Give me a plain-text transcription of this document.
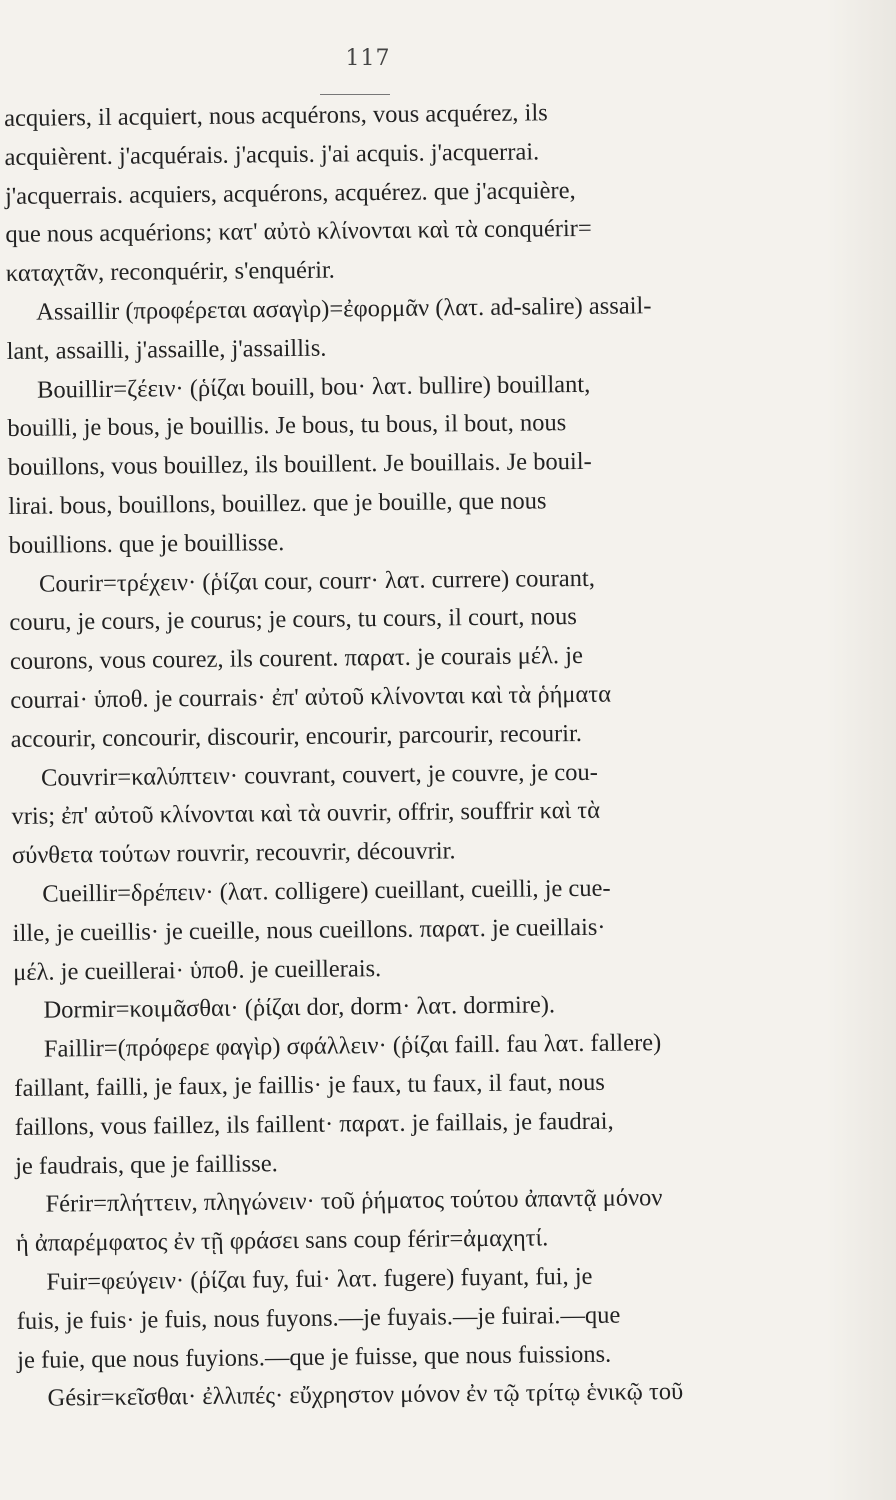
117
acquiers, il acquiert, nous acquérons, vous acquérez, ils
acquièrent. j'acquérais. j'acquis. j'ai acquis. j'acquerrai.
j'acquerrais. acquiers, acquérons, acquérez. que j'acquière,
que nous acquérions; κατ' αὐτὸ κλίνονται καὶ τὰ conquérir=
καταχτᾶν, reconquérir, s'enquérir.
Assaillir (προφέρεται ασαγὶρ)=ἐφορμᾶν (λατ. ad-salire) assail-
lant, assailli, j'assaille, j'assaillis.
Bouillir=ζέειν· (ῥίζαι bouill, bou· λατ. bullire) bouillant,
bouilli, je bous, je bouillis. Je bous, tu bous, il bout, nous
bouillons, vous bouillez, ils bouillent. Je bouillais. Je bouil-
lirai. bous, bouillons, bouillez. que je bouille, que nous
bouillions. que je bouillisse.
Courir=τρέχειν· (ῥίζαι cour, courr· λατ. currere) courant,
couru, je cours, je courus; je cours, tu cours, il court, nous
courons, vous courez, ils courent. παρατ. je courais μέλ. je
courrai· ὑποθ. je courrais· ἐπ' αὐτοῦ κλίνονται καὶ τὰ ῥήματα
accourir, concourir, discourir, encourir, parcourir, recourir.
Couvrir=καλύπτειν· couvrant, couvert, je couvre, je cou-
vris; ἐπ' αὐτοῦ κλίνονται καὶ τὰ ouvrir, offrir, souffrir καὶ τὰ
σύνθετα τούτων rouvrir, recouvrir, découvrir.
Cueillir=δρέπειν· (λατ. colligere) cueillant, cueilli, je cue-
ille, je cueillis· je cueille, nous cueillons. παρατ. je cueillais·
μέλ. je cueillerai· ὑποθ. je cueillerais.
Dormir=κοιμᾶσθαι· (ῥίζαι dor, dorm· λατ. dormire).
Faillir=(πρόφερε φαγὶρ) σφάλλειν· (ῥίζαι faill. fau λατ. fallere)
faillant, failli, je faux, je faillis· je faux, tu faux, il faut, nous
faillons, vous faillez, ils faillent· παρατ. je faillais, je faudrai,
je faudrais, que je faillisse.
Férir=πλήττειν, πληγώνειν· τοῦ ῥήματος τούτου ἀπαντᾷ μόνον
ἡ ἀπαρέμφατος ἐν τῇ φράσει sans coup férir=ἀμαχητί.
Fuir=φεύγειν· (ῥίζαι fuy, fui· λατ. fugere) fuyant, fui, je
fuis, je fuis· je fuis, nous fuyons.—je fuyais.—je fuirai.—que
je fuie, que nous fuyions.—que je fuisse, que nous fuissions.
Gésir=κεῖσθαι· ἐλλιπές· εὔχρηστον μόνον ἐν τῷ τρίτῳ ἑνικῷ τοῦ
